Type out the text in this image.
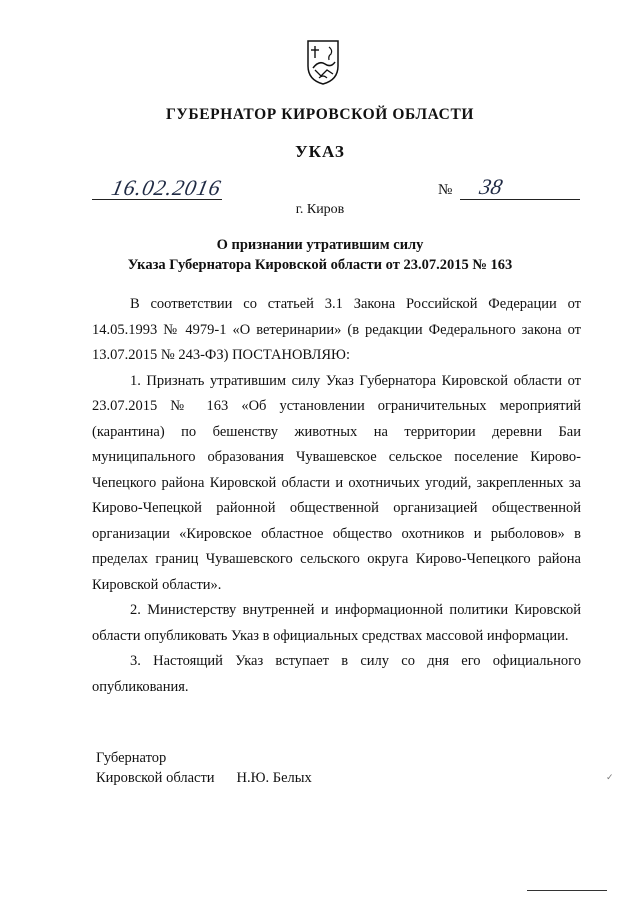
ГУБЕРНАТОР КИРОВСКОЙ ОБЛАСТИ
УКАЗ
16.02.2016	№ 38
г. Киров
О признании утратившим силу
Указа Губернатора Кировской области от 23.07.2015 № 163

В соответствии со статьей 3.1 Закона Российской Федерации от 14.05.1993 № 4979-1 «О ветеринарии» (в редакции Федерального закона от 13.07.2015 № 243-ФЗ) ПОСТАНОВЛЯЮ:

1. Признать утратившим силу Указ Губернатора Кировской области от 23.07.2015 № 163 «Об установлении ограничительных мероприятий (карантина) по бешенству животных на территории деревни Баи муниципального образования Чувашевское сельское поселение Кирово-Чепецкого района Кировской области и охотничьих угодий, закрепленных за Кирово-Чепецкой районной общественной организацией общественной организации «Кировское областное общество охотников и рыболовов» в пределах границ Чувашевского сельского округа Кирово-Чепецкого района Кировской области».

2. Министерству внутренней и информационной политики Кировской области опубликовать Указ в официальных средствах массовой информации.

3. Настоящий Указ вступает в силу со дня его официального опубликования.

Губернатор
Кировской области Н.Ю. Белых	✓
